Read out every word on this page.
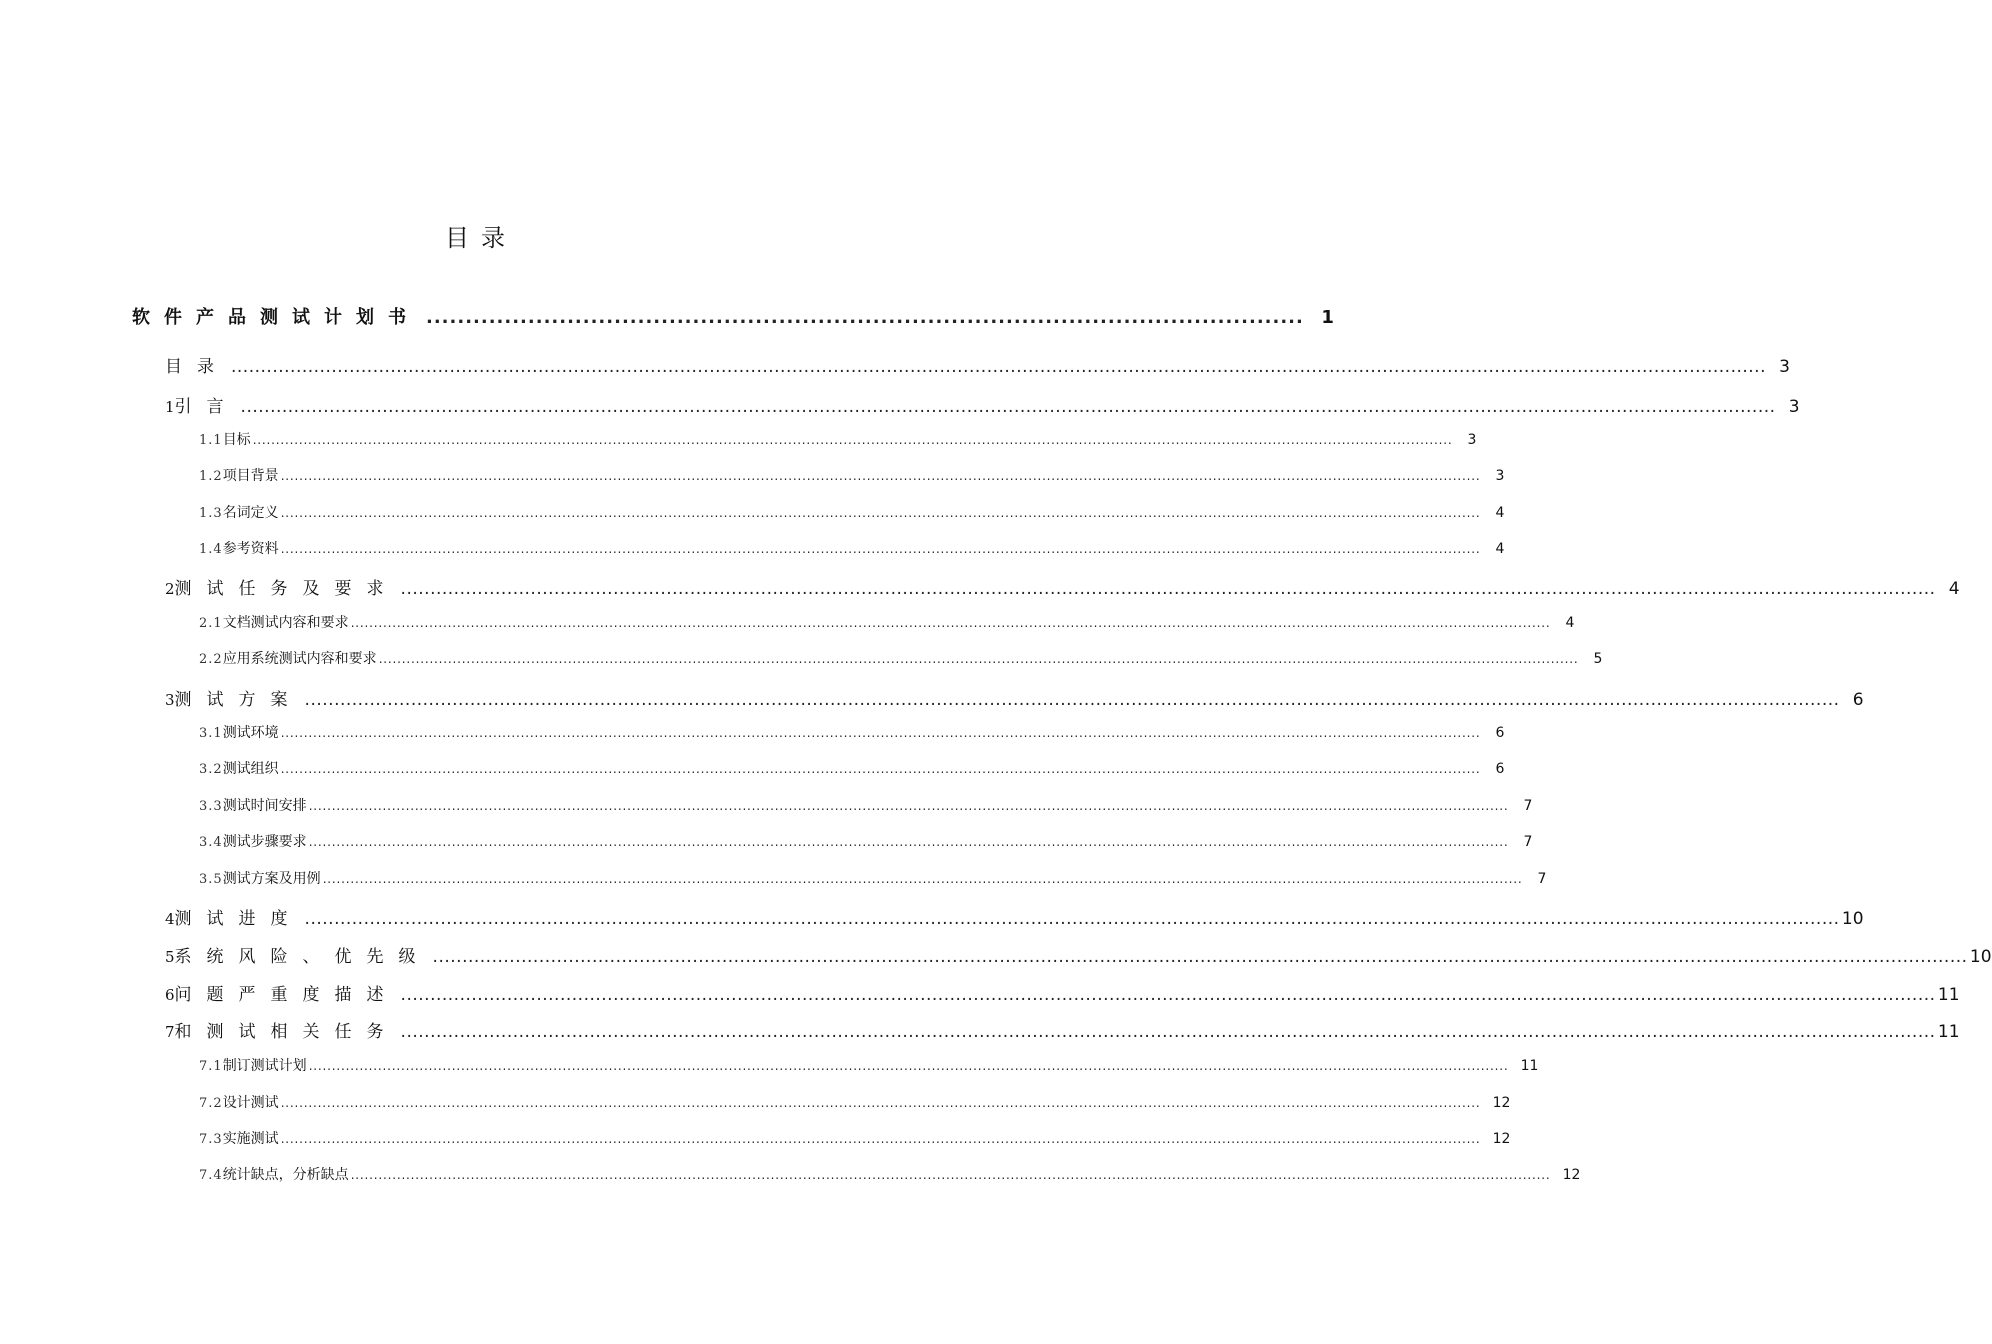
目录
软件产品测试计划书 ................................................................................................................ 1
目录 .................................................................................................................................................................................................................................................................... 3
1 引言 .................................................................................................................................................................................................................................................................... 3
1.1 目标 ....................................................................................................................................................................................................................................................................	3
1.2 项目背景 ....................................................................................................................................................................................................................................................................	3
1.3 名词定义 ....................................................................................................................................................................................................................................................................	4
1.4 参考资料 ....................................................................................................................................................................................................................................................................	4
2 测试任务及要求 .................................................................................................................................................................................................................................................................... 4
2.1 文档测试内容和要求 ....................................................................................................................................................................................................................................................................	4
2.2 应用系统测试内容和要求 ....................................................................................................................................................................................................................................................................	5
3 测试方案 .................................................................................................................................................................................................................................................................... 6
3.1 测试环境 ....................................................................................................................................................................................................................................................................	6
3.2 测试组织 ....................................................................................................................................................................................................................................................................	6
3.3 测试时间安排 ....................................................................................................................................................................................................................................................................	7
3.4 测试步骤要求 ....................................................................................................................................................................................................................................................................	7
3.5 测试方案及用例 ....................................................................................................................................................................................................................................................................	7
4 测试进度 .................................................................................................................................................................................................................................................................... 10
5 系统风险、优先级 .................................................................................................................................................................................................................................................................... 10
6 问题严重度描述 .................................................................................................................................................................................................................................................................... 11
7 和测试相关任务 .................................................................................................................................................................................................................................................................... 11
7.1 制订测试计划 .................................................................................................................................................................................................................................................................... 11
7.2 设计测试 .................................................................................................................................................................................................................................................................... 12
7.3 实施测试 .................................................................................................................................................................................................................................................................... 12
7.4 统计缺点，分析缺点 .................................................................................................................................................................................................................................................................... 12
